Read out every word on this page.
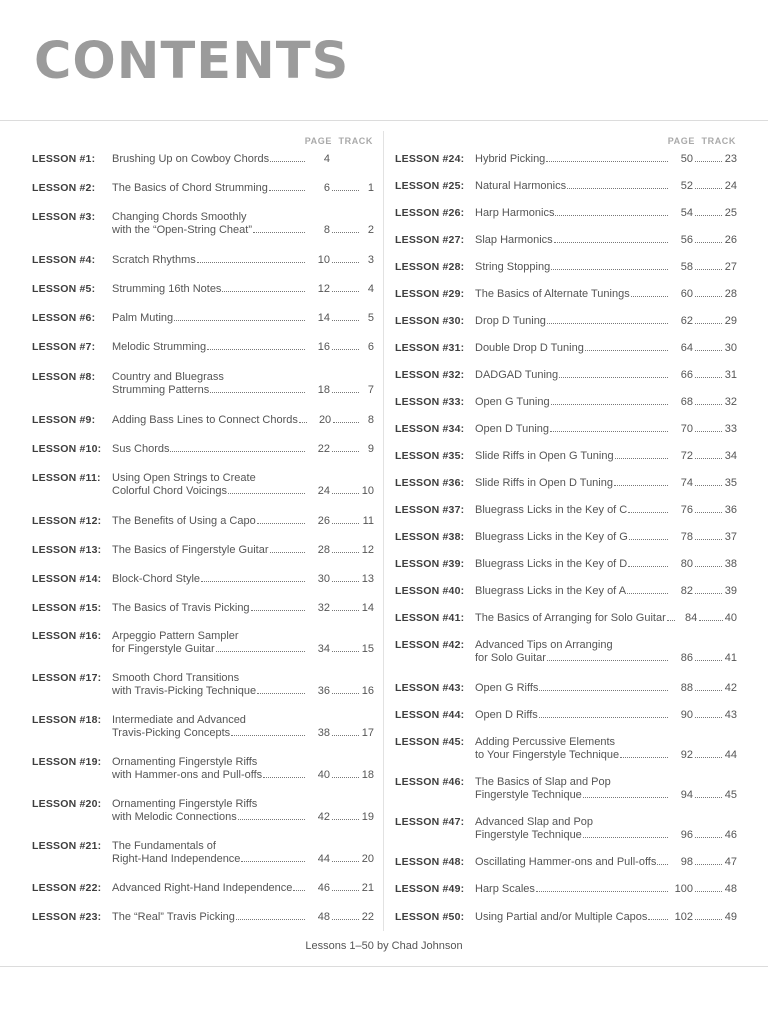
CONTENTS
PAGE TRACK
LESSON #1: Brushing Up on Cowboy Chords	4
LESSON #2: The Basics of Chord Strumming	6	1
LESSON #3: Changing Chords Smoothly
with the “Open-String Cheat”	8	2
LESSON #4: Scratch Rhythms	10	3
LESSON #5: Strumming 16th Notes	12	4
LESSON #6: Palm Muting	14	5
LESSON #7: Melodic Strumming	16	6
LESSON #8: Country and Bluegrass
Strumming Patterns	18	7
LESSON #9: Adding Bass Lines to Connect Chords	20	8
LESSON #10: Sus Chords	22	9
LESSON #11: Using Open Strings to Create
Colorful Chord Voicings	24	10
LESSON #12: The Benefits of Using a Capo	26	11
LESSON #13: The Basics of Fingerstyle Guitar	28	12
LESSON #14: Block-Chord Style	30	13
LESSON #15: The Basics of Travis Picking	32	14
LESSON #16: Arpeggio Pattern Sampler
for Fingerstyle Guitar	34	15
LESSON #17: Smooth Chord Transitions
with Travis-Picking Technique	36	16
LESSON #18: Intermediate and Advanced
Travis-Picking Concepts	38	17
LESSON #19: Ornamenting Fingerstyle Riffs
with Hammer-ons and Pull-offs	40	18
LESSON #20: Ornamenting Fingerstyle Riffs
with Melodic Connections	42	19
LESSON #21: The Fundamentals of
Right-Hand Independence	44	20
LESSON #22: Advanced Right-Hand Independence	46	21
LESSON #23: The “Real” Travis Picking	48	22
PAGE TRACK
LESSON #24: Hybrid Picking	50	23
LESSON #25: Natural Harmonics	52	24
LESSON #26: Harp Harmonics	54	25
LESSON #27: Slap Harmonics	56	26
LESSON #28: String Stopping	58	27
LESSON #29: The Basics of Alternate Tunings	60	28
LESSON #30: Drop D Tuning	62	29
LESSON #31: Double Drop D Tuning	64	30
LESSON #32: DADGAD Tuning	66	31
LESSON #33: Open G Tuning	68	32
LESSON #34: Open D Tuning	70	33
LESSON #35: Slide Riffs in Open G Tuning	72	34
LESSON #36: Slide Riffs in Open D Tuning	74	35
LESSON #37: Bluegrass Licks in the Key of C	76	36
LESSON #38: Bluegrass Licks in the Key of G	78	37
LESSON #39: Bluegrass Licks in the Key of D	80	38
LESSON #40: Bluegrass Licks in the Key of A	82	39
LESSON #41: The Basics of Arranging for Solo Guitar	84 40
LESSON #42: Advanced Tips on Arranging
for Solo Guitar	86	41
LESSON #43: Open G Riffs	88	42
LESSON #44: Open D Riffs	90	43
LESSON #45: Adding Percussive Elements
to Your Fingerstyle Technique	92	44
LESSON #46: The Basics of Slap and Pop
Fingerstyle Technique	94	45
LESSON #47: Advanced Slap and Pop
Fingerstyle Technique	96	46
LESSON #48: Oscillating Hammer-ons and Pull-offs	98	47
LESSON #49: Harp Scales	100	48
LESSON #50: Using Partial and/or Multiple Capos	102	49
Lessons 1–50 by Chad Johnson
